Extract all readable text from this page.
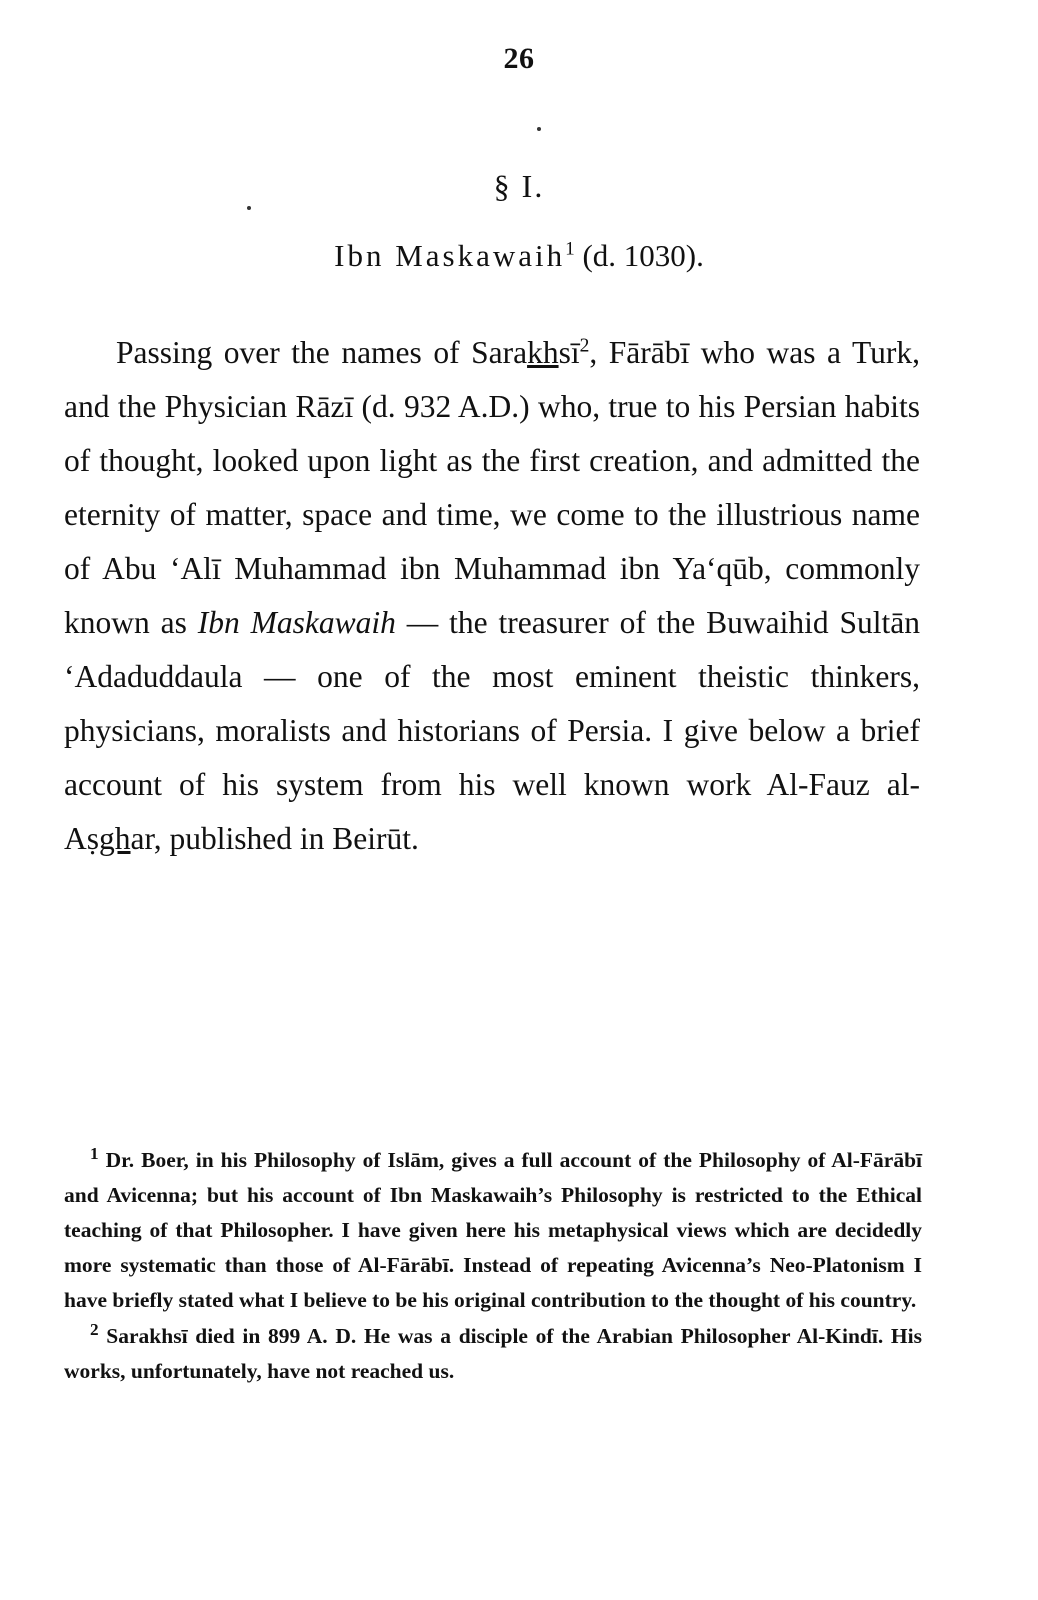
26
§ I.
Ibn Maskawaih$^1$ (d. 1030).
Passing over the names of Sarakhsī$^2$, Fārābī who was a Turk, and the Physician Rāzī (d. 932 A.D.) who, true to his Persian habits of thought, looked upon light as the first creation, and admitted the eternity of matter, space and time, we come to the illustrious name of Abu ‘Alī Muhammad ibn Muhammad ibn Ya‘qūb, commonly known as Ibn Maskawaih — the treasurer of the Buwaihid Sultān ‘Adaduddaula — one of the most eminent theistic thinkers, physicians, moralists and historians of Persia. I give below a brief account of his system from his well known work Al-Fauz al-Aṣghar, published in Beirūt.

$^1$ Dr. Boer, in his Philosophy of Islām, gives a full account of the Philosophy of Al-Fārābī and Avicenna; but his account of Ibn Maskawaih’s Philosophy is restricted to the Ethical teaching of that Philosopher. I have given here his metaphysical views which are decidedly more systematic than those of Al-Fārābī. Instead of repeating Avicenna’s Neo-Platonism I have briefly stated what I believe to be his original contribution to the thought of his country.

$^2$ Sarakhsī died in 899 A. D. He was a disciple of the Arabian Philosopher Al-Kindī. His works, unfortunately, have not reached us.
